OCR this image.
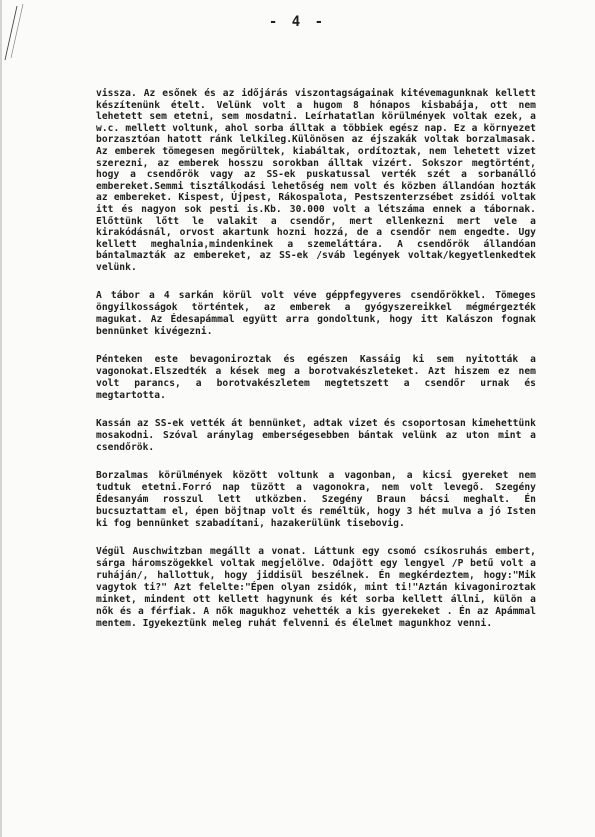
- 4 -

vissza. Az esőnek és az időjárás viszontagságainak kitévemagunknak kellett készítenünk ételt. Velünk volt a hugom 8 hónapos kisbabája, ott nem lehetett sem etetni, sem mosdatni. Leírhatatlan körülmények voltak ezek, a w.c. mellett voltunk, ahol sorba álltak a többiek egész nap. Ez a környezet borzasztóan hatott ránk lelkileg.Különösen az éjszakák voltak borzalmasak. Az emberek tömegesen megőrültek, kiabáltak, ordítoztak, nem lehetett vizet szerezni, az emberek hosszu sorokban álltak vizért. Sokszor megtörtént, hogy a csendőrök vagy az SS-ek puskatussal verték szét a sorbanálló embereket.Semmi tisztálkodási lehetőség nem volt és közben állandóan hozták az embereket. Kispest, Újpest, Rákospalota, Pestszenterzsébet zsidói voltak itt és nagyon sok pesti is.Kb. 30.000 volt a létszáma ennek a tábornak. Előttünk lőtt le valakit a csendőr, mert ellenkezni mert vele a kirakódásnál, orvost akartunk hozni hozzá, de a csendőr nem engedte. Ugy kellett meghalnia,mindenkinek a szemeláttára. A csendőrök állandóan bántalmazták az embereket, az SS-ek /sváb legények voltak/kegyetlenkedtek velünk.

A tábor a 4 sarkán körül volt véve géppfegyveres csendőrökkel. Tömeges öngyilkosságok történtek, az emberek a gyógyszereikkel mégmérgezték magukat. Az Édesapámmal együtt arra gondoltunk, hogy itt Kalászon fognak bennünket kivégezni.

Pénteken este bevagoniroztak és egészen Kassáig ki sem nyitották a vagonokat.Elszedték a kések meg a borotvakészleteket. Azt hiszem ez nem volt parancs, a borotvakészletem megtetszett a csendőr urnak és megtartotta.

Kassán az SS-ek vették át bennünket, adtak vizet és csoportosan kimehettünk mosakodni. Szóval aránylag emberségesebben bántak velünk az uton mint a csendőrök.

Borzalmas körülmények között voltunk a vagonban, a kicsi gyereket nem tudtuk etetni.Forró nap tüzött a vagonokra, nem volt levegő. Szegény Édesanyám rosszul lett utközben. Szegény Braun bácsi meghalt. Én bucsuztattam el, épen böjtnap volt és reméltük, hogy 3 hét mulva a jó Isten ki fog bennünket szabadítani, hazakerülünk tisebovig.

Végül Auschwitzban megállt a vonat. Láttunk egy csomó csíkosruhás embert, sárga háromszögekkel voltak megjelölve. Odajött egy lengyel /P betű volt a ruháján/, hallottuk, hogy jiddisül beszélnek. Én megkérdeztem, hogy:"Mik vagytok ti?" Azt felelte:"Épen olyan zsidók, mint ti!"Aztán kivagoniroztak minket, mindent ott kellett hagynunk és két sorba kellett állni, külön a nők és a férfiak. A nők magukhoz vehették a kis gyerekeket . Én az Apámmal mentem. Igyekeztünk meleg ruhát felvenni és élelmet magunkhoz venni.
